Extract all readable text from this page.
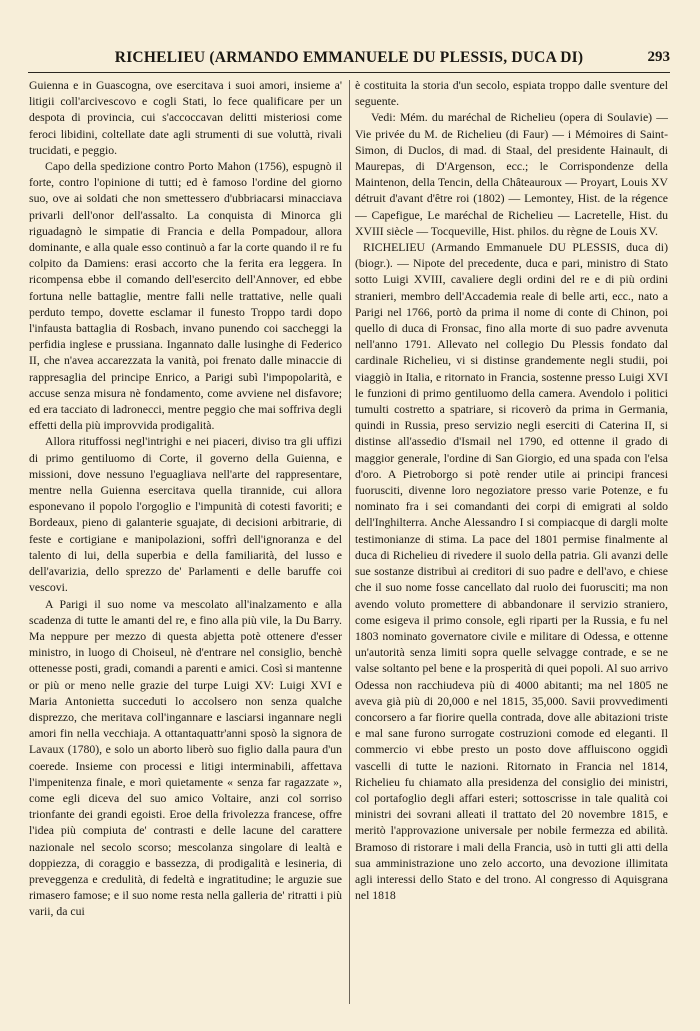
RICHELIEU (ARMANDO EMMANUELE DU PLESSIS, DUCA DI)	293

Guienna e in Guascogna, ove esercitava i suoi amori, insieme a' litigii coll'arcivescovo e cogli Stati, lo fece qualificare per un despota di provincia, cui s'accoccavan delitti misteriosi come feroci libidini, coltellate date agli strumenti di sue voluttà, rivali trucidati, e peggio.

Capo della spedizione contro Porto Mahon (1756), espugnò il forte, contro l'opinione di tutti; ed è famoso l'ordine del giorno suo, ove ai soldati che non smettessero d'ubbriacarsi minacciava privarli dell'onor dell'assalto. La conquista di Minorca gli riguadagnò le simpatie di Francia e della Pompadour, allora dominante, e alla quale esso continuò a far la corte quando il re fu colpito da Damiens: erasi accorto che la ferita era leggera. In ricompensa ebbe il comando dell'esercito dell'Annover, ed ebbe fortuna nelle battaglie, mentre falli nelle trattative, nelle quali perduto tempo, dovette esclamar il funesto Troppo tardi dopo l'infausta battaglia di Rosbach, invano punendo coi saccheggi la perfidia inglese e prussiana. Ingannato dalle lusinghe di Federico II, che n'avea accarezzata la vanità, poi frenato dalle minaccie di rappresaglia del principe Enrico, a Parigi subì l'impopolarità, e accuse senza misura nè fondamento, come avviene nel disfavore; ed era tacciato di ladronecci, mentre peggio che mai soffriva degli effetti della più improvvida prodigalità.

Allora rituffossi negl'intrighi e nei piaceri, diviso tra gli uffizi di primo gentiluomo di Corte, il governo della Guienna, e missioni, dove nessuno l'eguagliava nell'arte del rappresentare, mentre nella Guienna esercitava quella tirannide, cui allora esponevano il popolo l'orgoglio e l'impunità di cotesti favoriti; e Bordeaux, pieno di galanterie sguajate, di decisioni arbitrarie, di feste e cortigiane e manipolazioni, soffrì dell'ignoranza e del talento di lui, della superbia e della familiarità, del lusso e dell'avarizia, dello sprezzo de' Parlamenti e delle baruffe coi vescovi.

A Parigi il suo nome va mescolato all'inalzamento e alla scadenza di tutte le amanti del re, e fino alla più vile, la Du Barry. Ma neppure per mezzo di questa abjetta potè ottenere d'esser ministro, in luogo di Choiseul, nè d'entrare nel consiglio, benchè ottenesse posti, gradi, comandi a parenti e amici. Così si mantenne or più or meno nelle grazie del turpe Luigi XV: Luigi XVI e Maria Antonietta succeduti lo accolsero non senza qualche disprezzo, che meritava coll'ingannare e lasciarsi ingannare negli amori fin nella vecchiaja. A ottantaquattr'anni sposò la signora de Lavaux (1780), e solo un aborto liberò suo figlio dalla paura d'un coerede. Insieme con processi e litigi interminabili, affettava l'impenitenza finale, e morì quietamente « senza far ragazzate », come egli diceva del suo amico Voltaire, anzi col sorriso trionfante dei grandi egoisti. Eroe della frivolezza francese, offre l'idea più compiuta de' contrasti e delle lacune del carattere nazionale nel secolo scorso; mescolanza singolare di lealtà e doppiezza, di coraggio e bassezza, di prodigalità e lesineria, di preveggenza e credulità, di fedeltà e ingratitudine; le arguzie sue rimasero famose; e il suo nome resta nella galleria de' ritratti i più varii, da cui

è costituita la storia d'un secolo, espiata troppo dalle sventure del seguente.

Vedi: Mém. du maréchal de Richelieu (opera di Soulavie) — Vie privée du M. de Richelieu (di Faur) — i Mémoires di Saint-Simon, di Duclos, di mad. di Staal, del presidente Hainault, di Maurepas, di D'Argenson, ecc.; le Corrispondenze della Maintenon, della Tencin, della Châteauroux — Proyart, Louis XV détruit d'avant d'être roi (1802) — Lemontey, Hist. de la régence — Capefigue, Le maréchal de Richelieu — Lacretelle, Hist. du XVIII siècle — Tocqueville, Hist. philos. du règne de Louis XV.

RICHELIEU (Armando Emmanuele DU PLESSIS, duca di) (biogr.). — Nipote del precedente, duca e pari, ministro di Stato sotto Luigi XVIII, cavaliere degli ordini del re e di più ordini stranieri, membro dell'Accademia reale di belle arti, ecc., nato a Parigi nel 1766, portò da prima il nome di conte di Chinon, poi quello di duca di Fronsac, fino alla morte di suo padre avvenuta nell'anno 1791. Allevato nel collegio Du Plessis fondato dal cardinale Richelieu, vi si distinse grandemente negli studii, poi viaggiò in Italia, e ritornato in Francia, sostenne presso Luigi XVI le funzioni di primo gentiluomo della camera. Avendolo i politici tumulti costretto a spatriare, si ricoverò da prima in Germania, quindi in Russia, preso servizio negli eserciti di Caterina II, si distinse all'assedio d'Ismail nel 1790, ed ottenne il grado di maggior generale, l'ordine di San Giorgio, ed una spada con l'elsa d'oro. A Pietroborgo si potè render utile ai principi francesi fuorusciti, divenne loro negoziatore presso varie Potenze, e fu nominato fra i sei comandanti dei corpi di emigrati al soldo dell'Inghilterra. Anche Alessandro I si compiacque di dargli molte testimonianze di stima. La pace del 1801 permise finalmente al duca di Richelieu di rivedere il suolo della patria. Gli avanzi delle sue sostanze distribuì ai creditori di suo padre e dell'avo, e chiese che il suo nome fosse cancellato dal ruolo dei fuorusciti; ma non avendo voluto promettere di abbandonare il servizio straniero, come esigeva il primo console, egli riparti per la Russia, e fu nel 1803 nominato governatore civile e militare di Odessa, e ottenne un'autorità senza limiti sopra quelle selvagge contrade, e se ne valse soltanto pel bene e la prosperità di quei popoli. Al suo arrivo Odessa non racchiudeva più di 4000 abitanti; ma nel 1805 ne aveva già più di 20,000 e nel 1815, 35,000. Savii provvedimenti concorsero a far fiorire quella contrada, dove alle abitazioni triste e mal sane furono surrogate costruzioni comode ed eleganti. Il commercio vi ebbe presto un posto dove affluiscono oggidì vascelli di tutte le nazioni. Ritornato in Francia nel 1814, Richelieu fu chiamato alla presidenza del consiglio dei ministri, col portafoglio degli affari esteri; sottoscrisse in tale qualità coi ministri dei sovrani alleati il trattato del 20 novembre 1815, e meritò l'approvazione universale per nobile fermezza ed abilità. Bramoso di ristorare i mali della Francia, usò in tutti gli atti della sua amministrazione uno zelo accorto, una devozione illimitata agli interessi dello Stato e del trono. Al congresso di Aquisgrana nel 1818
